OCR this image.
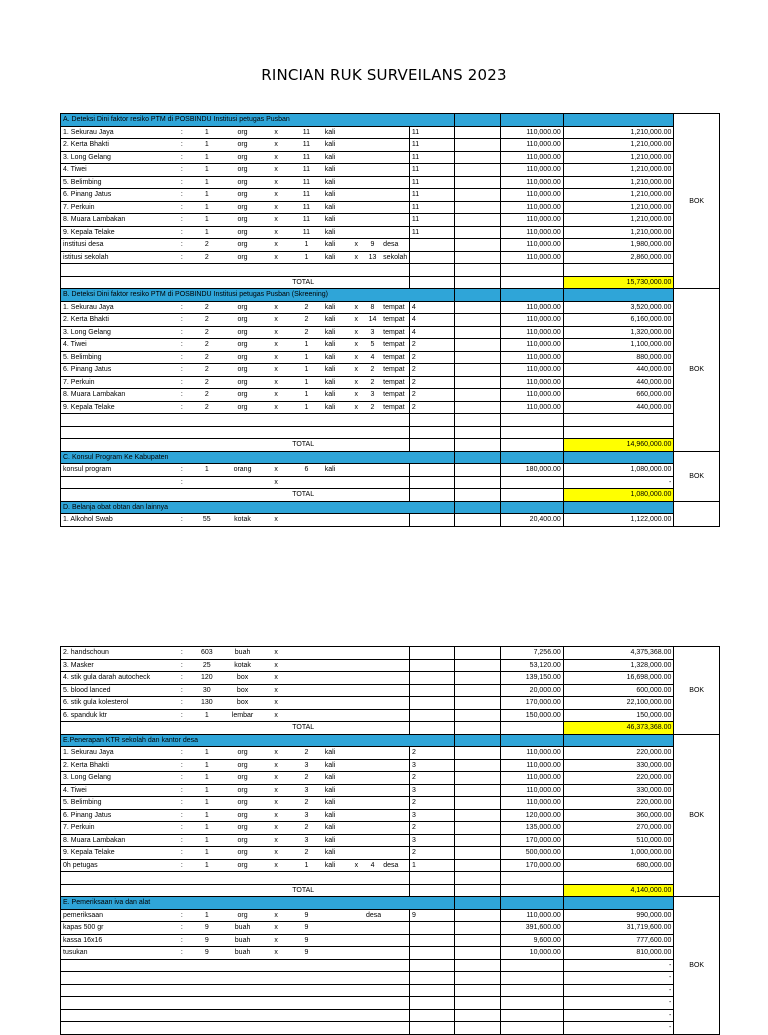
RINCIAN RUK SURVEILANS 2023
A. Deteksi Dini faktor resiko PTM di POSBINDU Institusi petugas Pusban														BOK
1. Sekurau Jaya	:	1	org	x	11	kali				11		110,000.00	1,210,000.00	
2. Kerta Bhakti	:	1	org	x	11	kali				11		110,000.00	1,210,000.00	
3. Long Gelang	:	1	org	x	11	kali				11		110,000.00	1,210,000.00	
4. Tiwei	:	1	org	x	11	kali				11		110,000.00	1,210,000.00	
5. Belimbing	:	1	org	x	11	kali				11		110,000.00	1,210,000.00	
6. Pinang Jatus	:	1	org	x	11	kali				11		110,000.00	1,210,000.00	
7. Perkuin	:	1	org	x	11	kali				11		110,000.00	1,210,000.00	
8. Muara Lambakan	:	1	org	x	11	kali				11		110,000.00	1,210,000.00	
9. Kepala Telake	:	1	org	x	11	kali				11		110,000.00	1,210,000.00	
institusi desa	:	2	org	x	1	kali	x	9	desa			110,000.00	1,980,000.00	
istitusi sekolah	:	2	org	x	1	kali	x	13	sekolah			110,000.00	2,860,000.00	

					TOTAL								15,730,000.00	
B. Deteksi Dini faktor resiko PTM di POSBINDU Institusi petugas Pusban (Skreening)														BOK
1. Sekurau Jaya	:	2	org	x	2	kali	x	8	tempat	4		110,000.00	3,520,000.00	
2. Kerta Bhakti	:	2	org	x	2	kali	x	14	tempat	4		110,000.00	6,160,000.00	
3. Long Gelang	:	2	org	x	2	kali	x	3	tempat	4		110,000.00	1,320,000.00	
4. Tiwei	:	2	org	x	1	kali	x	5	tempat	2		110,000.00	1,100,000.00	
5. Belimbing	:	2	org	x	1	kali	x	4	tempat	2		110,000.00	880,000.00	
6. Pinang Jatus	:	2	org	x	1	kali	x	2	tempat	2		110,000.00	440,000.00	
7. Perkuin	:	2	org	x	1	kali	x	2	tempat	2		110,000.00	440,000.00	
8. Muara Lambakan	:	2	org	x	1	kali	x	3	tempat	2		110,000.00	660,000.00	
9. Kepala Telake	:	2	org	x	1	kali	x	2	tempat	2		110,000.00	440,000.00	

					TOTAL								14,960,000.00	
C. Konsul Program Ke Kabupaten														BOK
konsul program	:	1	orang	x	6	kali						180,000.00	1,080,000.00	
	:			x									-	
					TOTAL								1,080,000.00	
D. Belanja obat obtan dan lainnya														
1. Alkohol Swab	:	55	kotak	x								20,400.00	1,122,000.00	
2. handschoun	:	603	buah	x								7,256.00	4,375,368.00	BOK
3. Masker	:	25	kotak	x								53,120.00	1,328,000.00	
4. stik gula darah autocheck	:	120	box	x								139,150.00	16,698,000.00	
5. blood lanced	:	30	box	x								20,000.00	600,000.00	
6. stik gula kolesterol	:	130	box	x								170,000.00	22,100,000.00	
6. spanduk ktr	:	1	lembar	x								150,000.00	150,000.00	
					TOTAL								46,373,368.00	
E.Penerapan KTR sekolah dan kantor desa														BOK
1. Sekurau Jaya	:	1	org	x	2	kali				2		110,000.00	220,000.00	
2. Kerta Bhakti	:	1	org	x	3	kali				3		110,000.00	330,000.00	
3. Long Gelang	:	1	org	x	2	kali				2		110,000.00	220,000.00	
4. Tiwei	:	1	org	x	3	kali				3		110,000.00	330,000.00	
5. Belimbing	:	1	org	x	2	kali				2		110,000.00	220,000.00	
6. Pinang Jatus	:	1	org	x	3	kali				3		120,000.00	360,000.00	
7. Perkuin	:	1	org	x	2	kali				2		135,000.00	270,000.00	
8. Muara Lambakan	:	1	org	x	3	kali				3		170,000.00	510,000.00	
9. Kepala Telake	:	1	org	x	2	kali				2		500,000.00	1,000,000.00	
0h petugas	:	1	org	x	1	kali	x	4	desa	1		170,000.00	680,000.00	

					TOTAL								4,140,000.00	
E. Pemeriksaan iva dan alat														BOK
pemeriksaan	:	1	org	x	9			desa		9		110,000.00	990,000.00	
kapas 500 gr	:	9	buah	x	9							391,600.00	31,719,600.00	
kassa 16x16	:	9	buah	x	9							9,600.00	777,600.00	
tusukan	:	9	buah	x	9							10,000.00	810,000.00	
													-	
													-	
													-	
													-	
													-	
													-	
